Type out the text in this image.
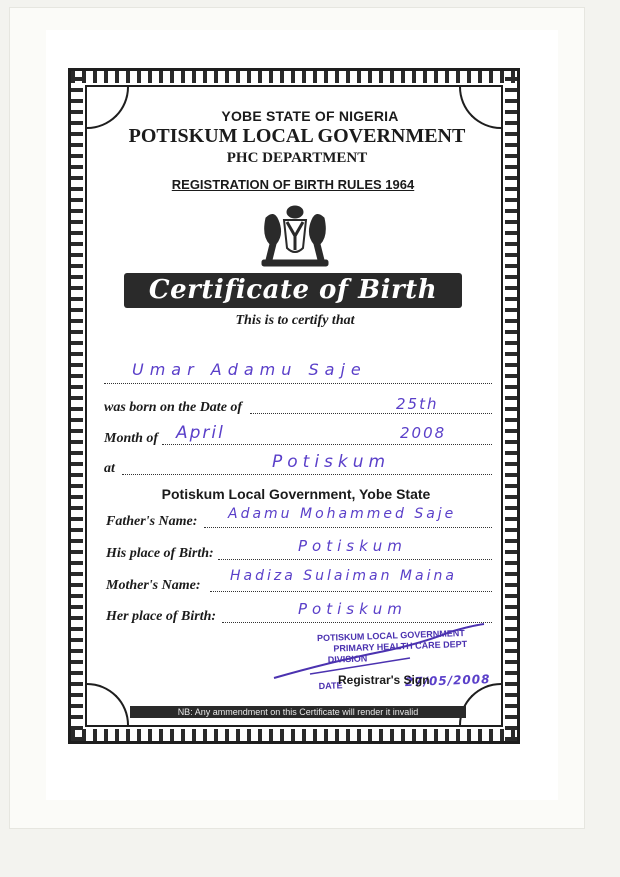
YOBE STATE OF NIGERIA
POTISKUM LOCAL GOVERNMENT
PHC DEPARTMENT
REGISTRATION OF BIRTH RULES 1964
Certificate of Birth
This is to certify that
Umar Adamu Saje
was born on the Date of	25th
Month of April	2008
at	Potiskum
Potiskum Local Government, Yobe State
Father's Name: Adamu Mohammed Saje
His place of Birth:	Potiskum
Mother's Name:
Hadiza Sulaiman Maina
Her place of Birth:	Potiskum
POTISKUM LOCAL GOVERNMENT
PRIMARY HEALTH CARE DEPT
DIVISION
DATE	27/05/2008
Registrar's Sign
NB: Any ammendment on this Certificate will render it invalid
